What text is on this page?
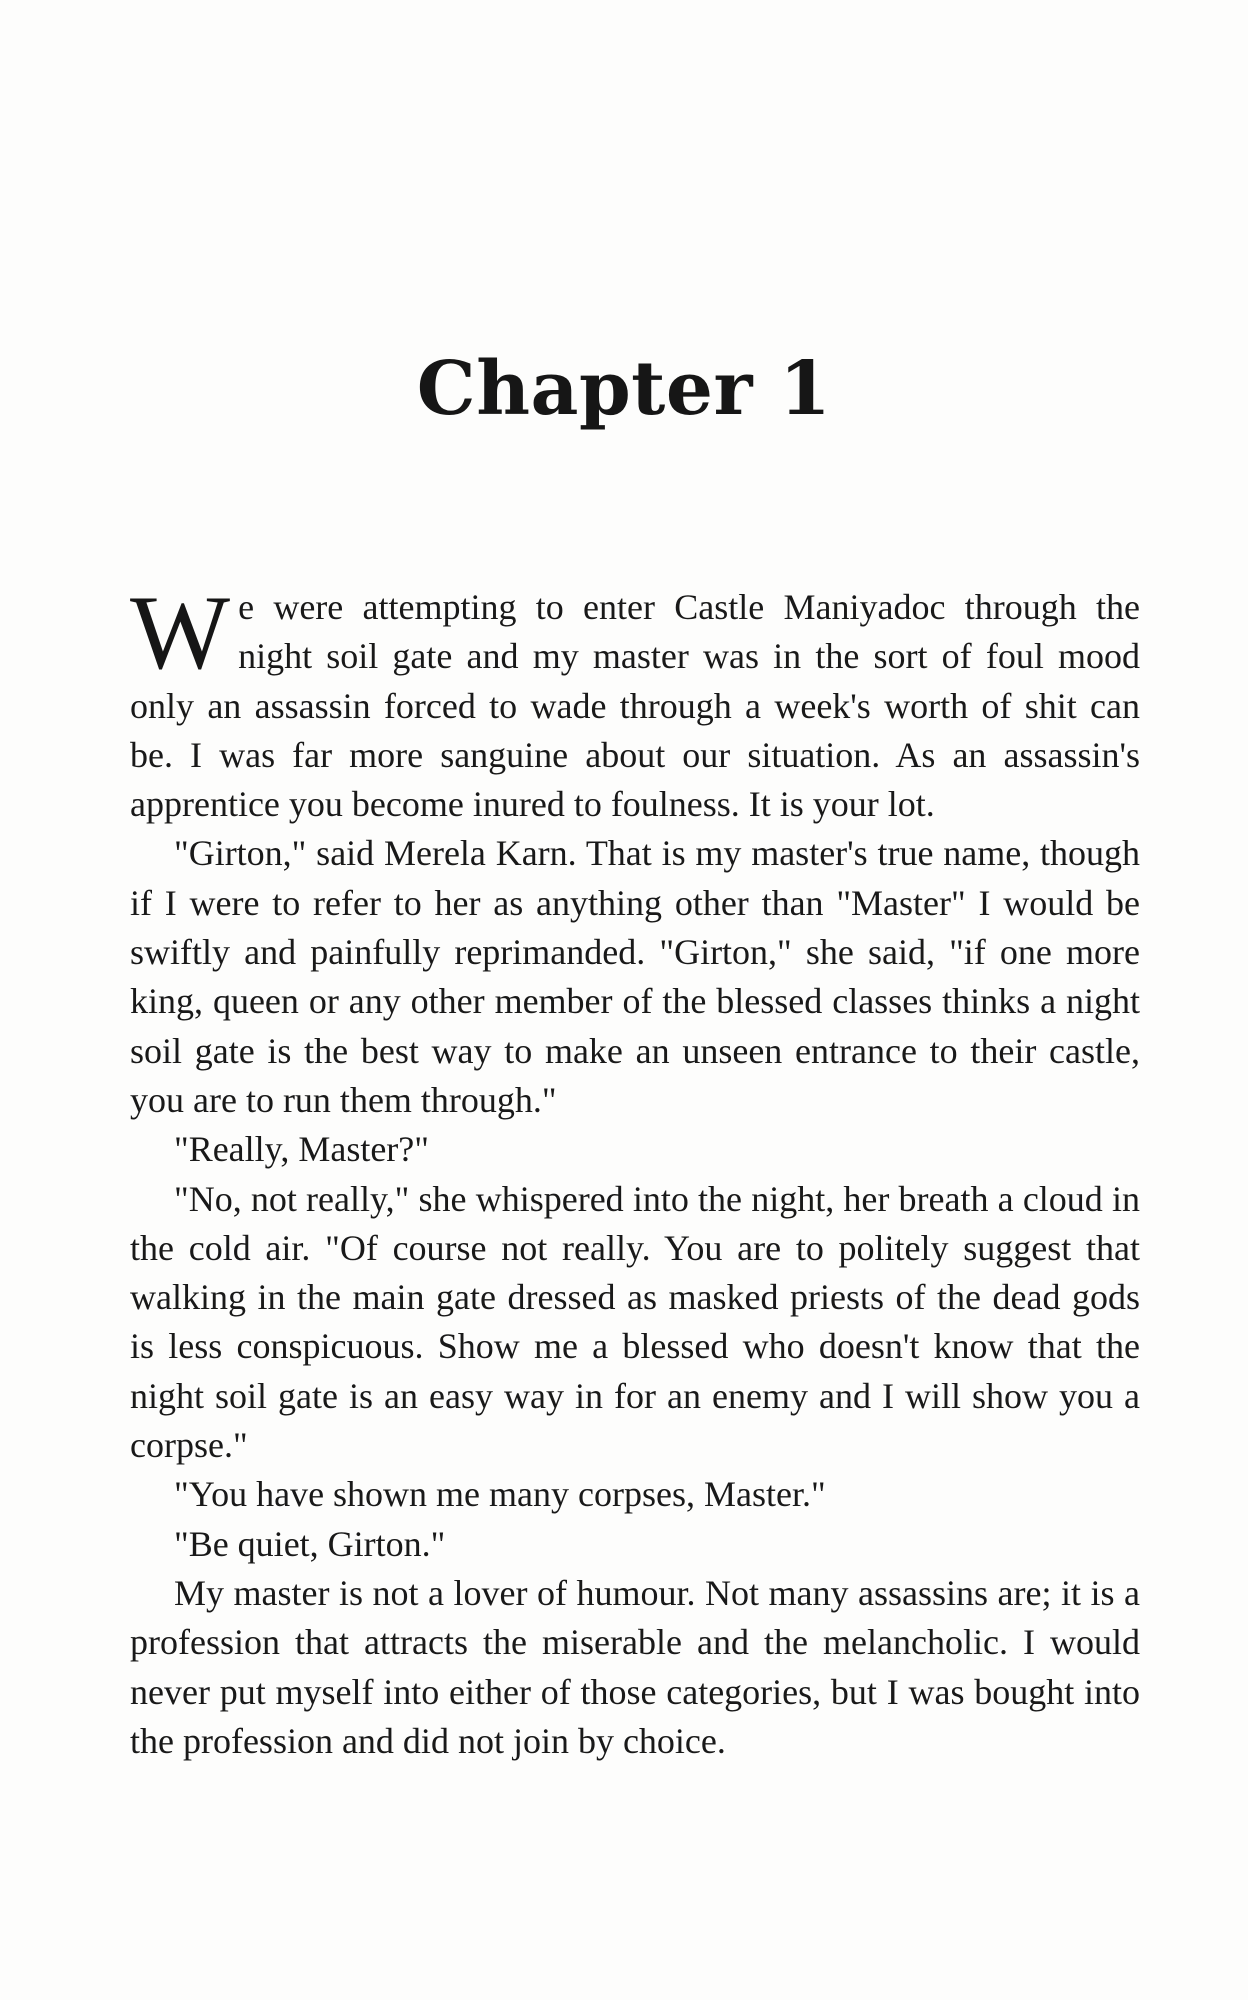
Chapter 1

We were attempting to enter Castle Maniyadoc through the night soil gate and my master was in the sort of foul mood only an assassin forced to wade through a week's worth of shit can be. I was far more sanguine about our situation. As an assassin's apprentice you become inured to foulness. It is your lot.

"Girton," said Merela Karn. That is my master's true name, though if I were to refer to her as anything other than "Master" I would be swiftly and painfully reprimanded. "Girton," she said, "if one more king, queen or any other member of the blessed classes thinks a night soil gate is the best way to make an unseen entrance to their castle, you are to run them through."

"Really, Master?"

"No, not really," she whispered into the night, her breath a cloud in the cold air. "Of course not really. You are to politely suggest that walking in the main gate dressed as masked priests of the dead gods is less conspicuous. Show me a blessed who doesn't know that the night soil gate is an easy way in for an enemy and I will show you a corpse."

"You have shown me many corpses, Master."

"Be quiet, Girton."

My master is not a lover of humour. Not many assassins are; it is a profession that attracts the miserable and the melancholic. I would never put myself into either of those categories, but I was bought into the profession and did not join by choice.
